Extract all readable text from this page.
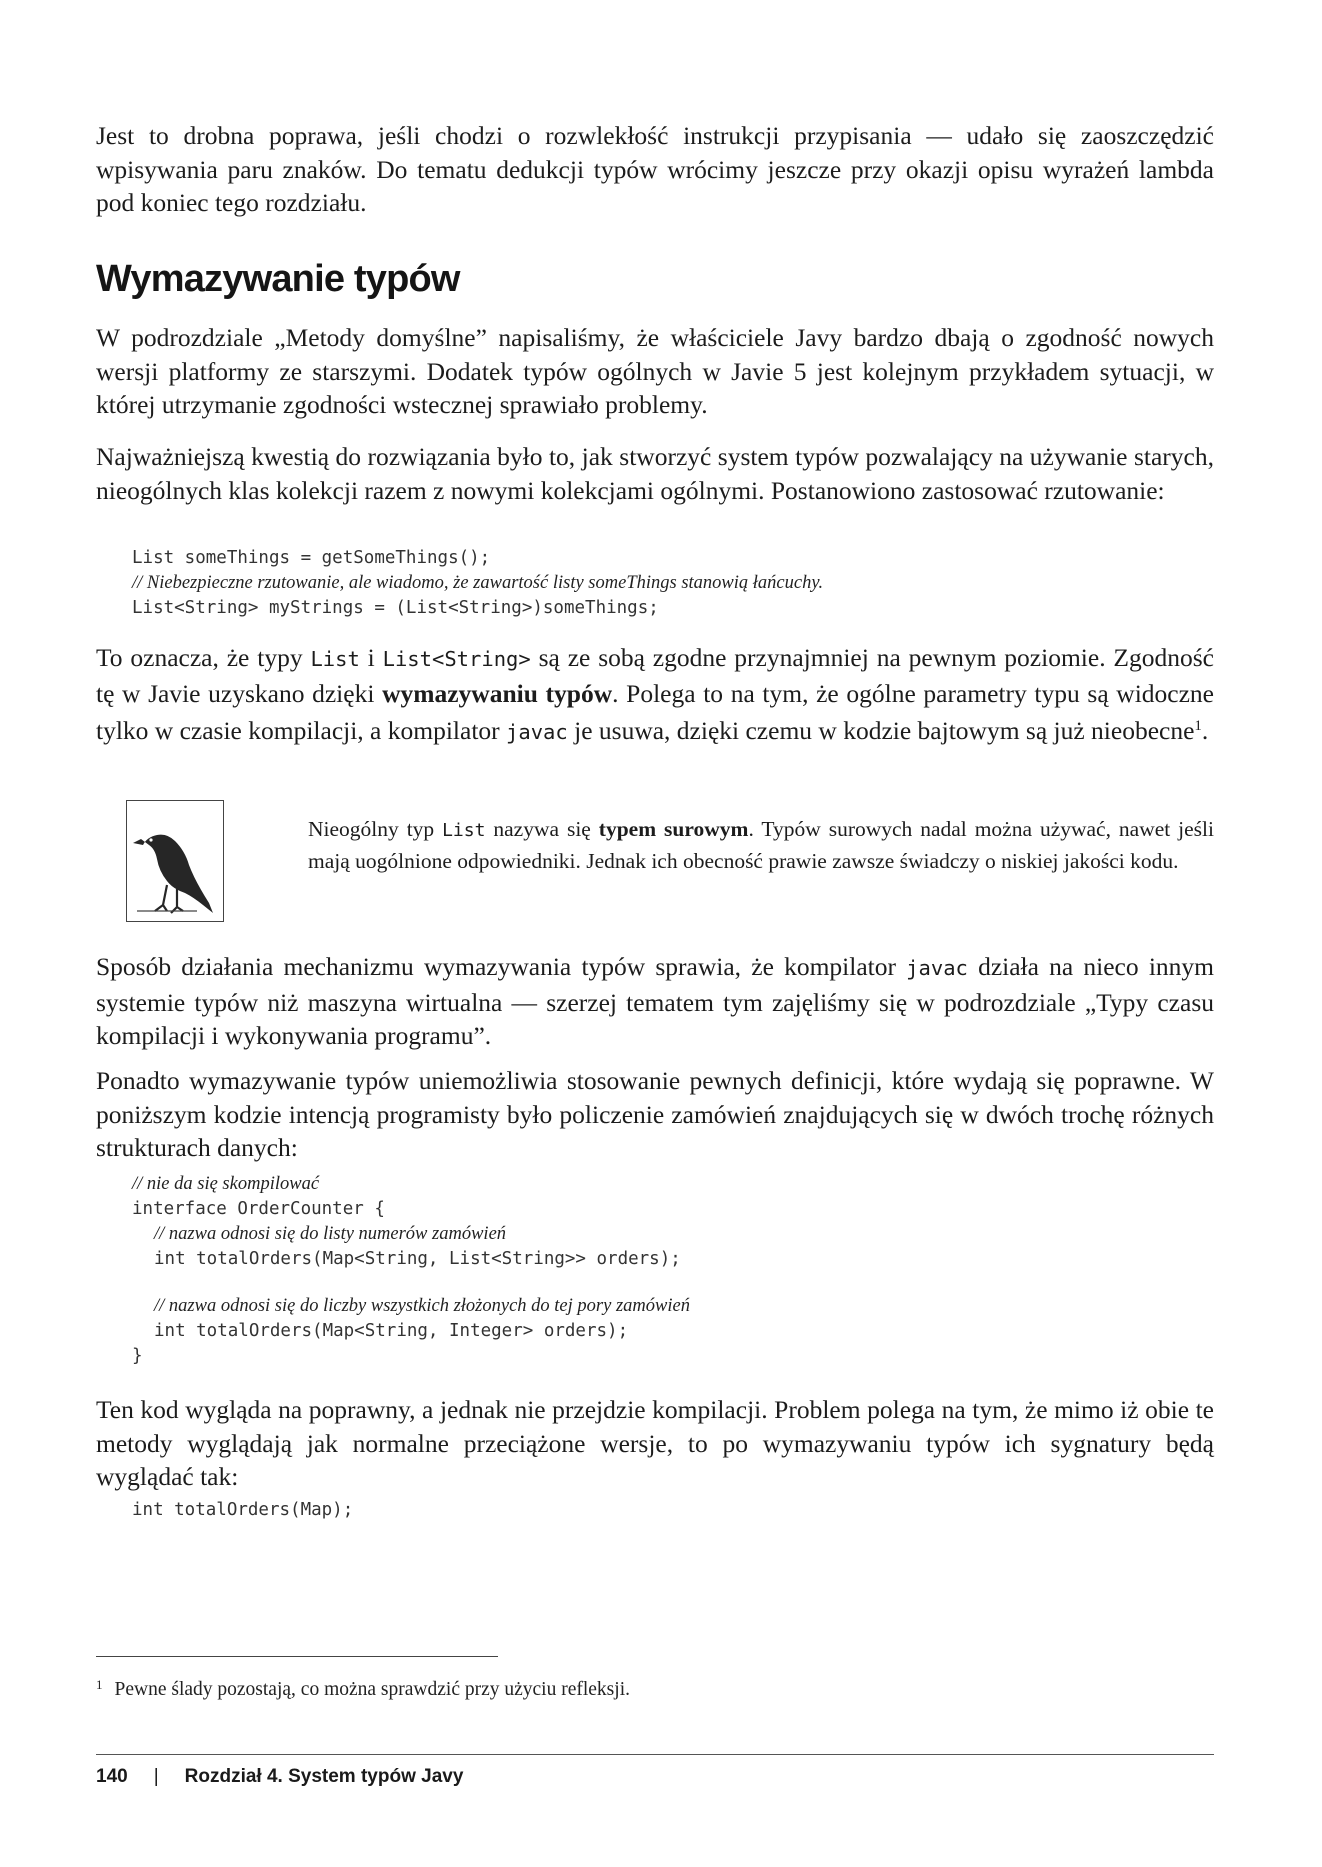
Jest to drobna poprawa, jeśli chodzi o rozwlekłość instrukcji przypisania — udało się zaoszczędzić wpisywania paru znaków. Do tematu dedukcji typów wrócimy jeszcze przy okazji opisu wyrażeń lambda pod koniec tego rozdziału.

Wymazywanie typów

W podrozdziale „Metody domyślne” napisaliśmy, że właściciele Javy bardzo dbają o zgodność nowych wersji platformy ze starszymi. Dodatek typów ogólnych w Javie 5 jest kolejnym przykładem sytuacji, w której utrzymanie zgodności wstecznej sprawiało problemy.

Najważniejszą kwestią do rozwiązania było to, jak stworzyć system typów pozwalający na używanie starych, nieogólnych klas kolekcji razem z nowymi kolekcjami ogólnymi. Postanowiono zastosować rzutowanie:

List someThings = getSomeThings();
// Niebezpieczne rzutowanie, ale wiadomo, że zawartość listy someThings stanowią łańcuchy.
List<String> myStrings = (List<String>)someThings;

To oznacza, że typy List i List<String> są ze sobą zgodne przynajmniej na pewnym poziomie. Zgodność tę w Javie uzyskano dzięki wymazywaniu typów. Polega to na tym, że ogólne parametry typu są widoczne tylko w czasie kompilacji, a kompilator javac je usuwa, dzięki czemu w kodzie bajtowym są już nieobecne$^1$.

Nieogólny typ List nazywa się typem surowym. Typów surowych nadal można używać, nawet jeśli mają uogólnione odpowiedniki. Jednak ich obecność prawie zawsze świadczy o niskiej jakości kodu.

Sposób działania mechanizmu wymazywania typów sprawia, że kompilator javac działa na nieco innym systemie typów niż maszyna wirtualna — szerzej tematem tym zajęliśmy się w podrozdziale „Typy czasu kompilacji i wykonywania programu”.

Ponadto wymazywanie typów uniemożliwia stosowanie pewnych definicji, które wydają się poprawne. W poniższym kodzie intencją programisty było policzenie zamówień znajdujących się w dwóch trochę różnych strukturach danych:

// nie da się skompilować
interface OrderCounter {
// nazwa odnosi się do listy numerów zamówień
int totalOrders(Map<String, List<String>> orders);
// nazwa odnosi się do liczby wszystkich złożonych do tej pory zamówień
int totalOrders(Map<String, Integer> orders);
}

Ten kod wygląda na poprawny, a jednak nie przejdzie kompilacji. Problem polega na tym, że mimo iż obie te metody wyglądają jak normalne przeciążone wersje, to po wymazywaniu typów ich sygnatury będą wyglądać tak:

int totalOrders(Map);
$^1$ Pewne ślady pozostają, co można sprawdzić przy użyciu refleksji.
140 | Rozdział 4. System typów Javy
